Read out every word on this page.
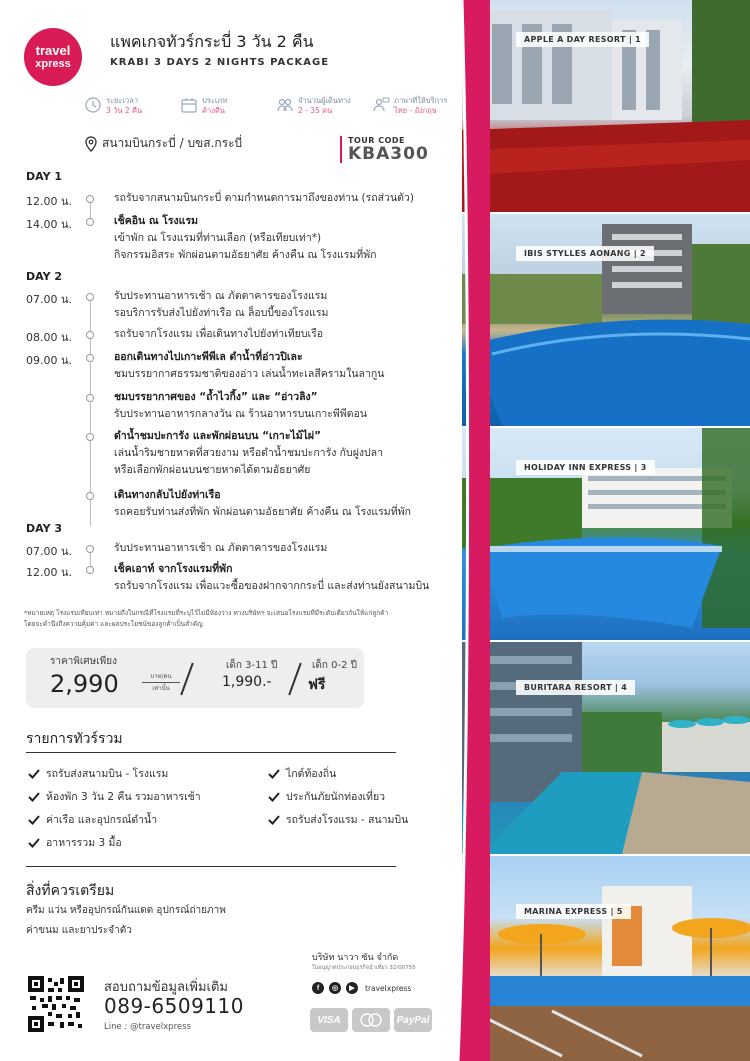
APPLE A DAY RESORT | 1
IBIS STYLLES AONANG | 2
HOLIDAY INN EXPRESS | 3
BURITARA RESORT | 4
MARINA EXPRESS | 5
travel
xpress
แพคเกจทัวร์กระบี่ 3 วัน 2 คืน
KRABI 3 DAYS 2 NIGHTS PACKAGE
ระยะเวลา
3 วัน 2 คืน
ประเภท
ค้างคืน
จำนวนผู้เดินทาง
2 - 35 คน
ภาษาที่ให้บริการ
ไทย - อังกฤษ
สนามบินกระบี่ / บขส.กระบี่	TOUR CODE
KBA300
DAY 1
12.00 น.	รถรับจากสนามบินกระบี่ ตามกำหนดการมาถึงของท่าน (รถส่วนตัว)
14.00 น.	เช็คอิน ณ โรงแรม
เข้าพัก ณ โรงแรมที่ท่านเลือก (หรือเทียบเท่า*)
กิจกรรมอิสระ พักผ่อนตามอัธยาศัย ค้างคืน ณ โรงแรมที่พัก
DAY 2
07.00 น.	รับประทานอาหารเช้า ณ ภัตตาคารของโรงแรม
รอบริการรับส่งไปยังท่าเรือ ณ ล็อบบี้ของโรงแรม
08.00 น.	รถรับจากโรงแรม เพื่อเดินทางไปยังท่าเทียบเรือ
09.00 น.	ออกเดินทางไปเกาะพีพีเล ดำน้ำที่อ่าวปิเละ
ชมบรรยากาศธรรมชาติของอ่าว เล่นน้ำทะเลสีครามในลากูน
ชมบรรยากาศของ “ถ้ำไวกิ้ง” และ “อ่าวลิง”
รับประทานอาหารกลางวัน ณ ร้านอาหารบนเกาะพีพีดอน
ดำน้ำชมปะการัง และพักผ่อนบน “เกาะไม้ไผ่”
เล่นน้ำริมชายหาดที่สวยงาม หรือดำน้ำชมปะการัง กับฝูงปลา
หรือเลือกพักผ่อนบนชายหาดได้ตามอัธยาศัย
เดินทางกลับไปยังท่าเรือ
รถคอยรับท่านส่งที่พัก พักผ่อนตามอัธยาศัย ค้างคืน ณ โรงแรมที่พัก
DAY 3
07.00 น.	รับประทานอาหารเช้า ณ ภัตตาคารของโรงแรม
12.00 น.	เช็คเอาท์ จากโรงแรมที่พัก
รถรับจากโรงแรม เพื่อแวะซื้อของฝากจากกระบี่ และส่งท่านยังสนามบิน
*หมายเหตุ โรงแรมเทียบเท่า หมายถึงในกรณีที่โรงแรมที่ระบุไว้ไม่มีห้องว่าง ทางบริษัทฯ จะเสนอโรงแรมที่มีระดับเดียวกันให้แก่ลูกค้า
โดยจะคำนึงถึงความคุ้มค่า และผลประโยชน์ของลูกค้าเป็นสำคัญ
ราคาพิเศษเพียง
2,990	บาท/คน
เท่านั้น
เด็ก 3-11 ปี
1,990.-
เด็ก 0-2 ปี
ฟรี
รายการทัวร์รวม
รถรับส่งสนามบิน - โรงแรม
ห้องพัก 3 วัน 2 คืน รวมอาหารเช้า
ค่าเรือ และอุปกรณ์ดำน้ำ
อาหารรวม 3 มื้อ
ไกด์ท้องถิ่น
ประกันภัยนักท่องเที่ยว
รถรับส่งโรงแรม - สนามบิน
สิ่งที่ควรเตรียม
ครีม แว่น หรืออุปกรณ์กันแดด อุปกรณ์ถ่ายภาพ
ค่าขนม และยาประจำตัว
สอบถามข้อมูลเพิ่มเติม
089-6509110
Line : @travelxpress
บริษัท นาวา ซัน จำกัด
ใบอนุญาตประกอบธุรกิจนำเที่ยว 32/00755
f	◎	▶	travelxpress
VISA	PayPal
